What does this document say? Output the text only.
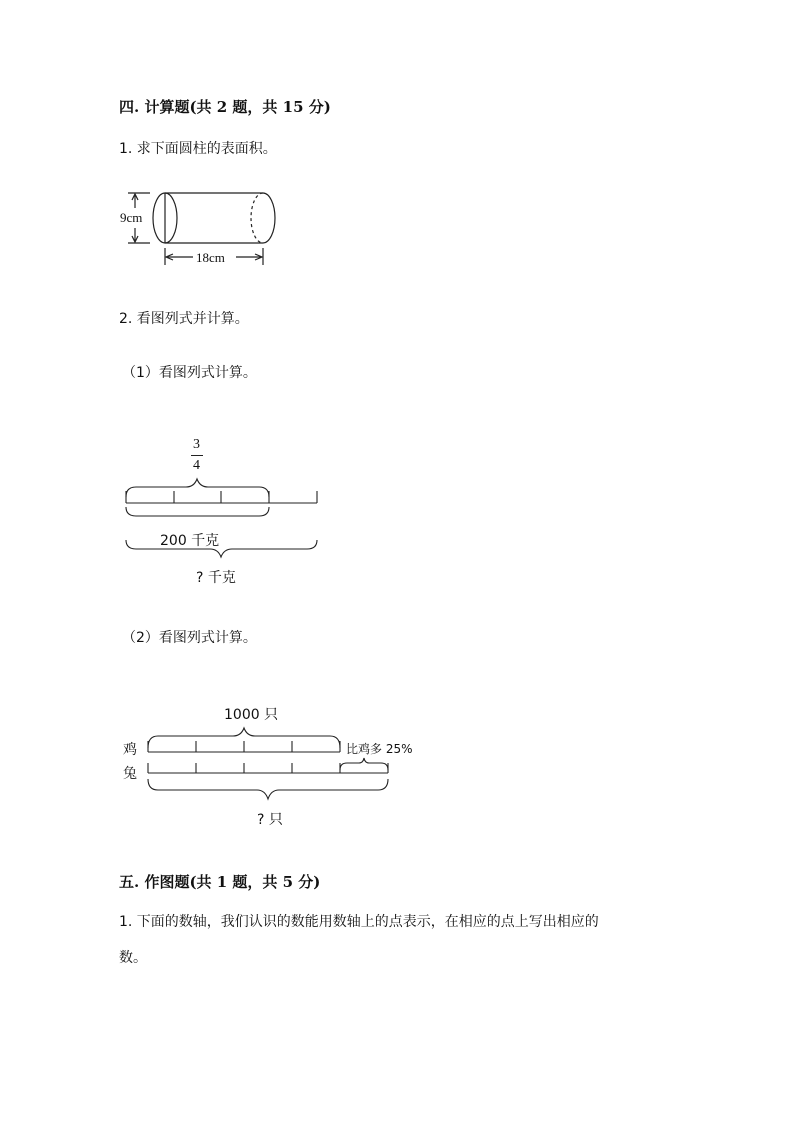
四. 计算题(共 2 题，共 15 分)
1. 求下面圆柱的表面积。
9cm
18cm
2. 看图列式并计算。
（1）看图列式计算。
3
4
200 千克
? 千克
（2）看图列式计算。
1000 只
鸡
兔
比鸡多 25%
? 只
五. 作图题(共 1 题，共 5 分)
1. 下面的数轴，我们认识的数能用数轴上的点表示，在相应的点上写出相应的
数。
